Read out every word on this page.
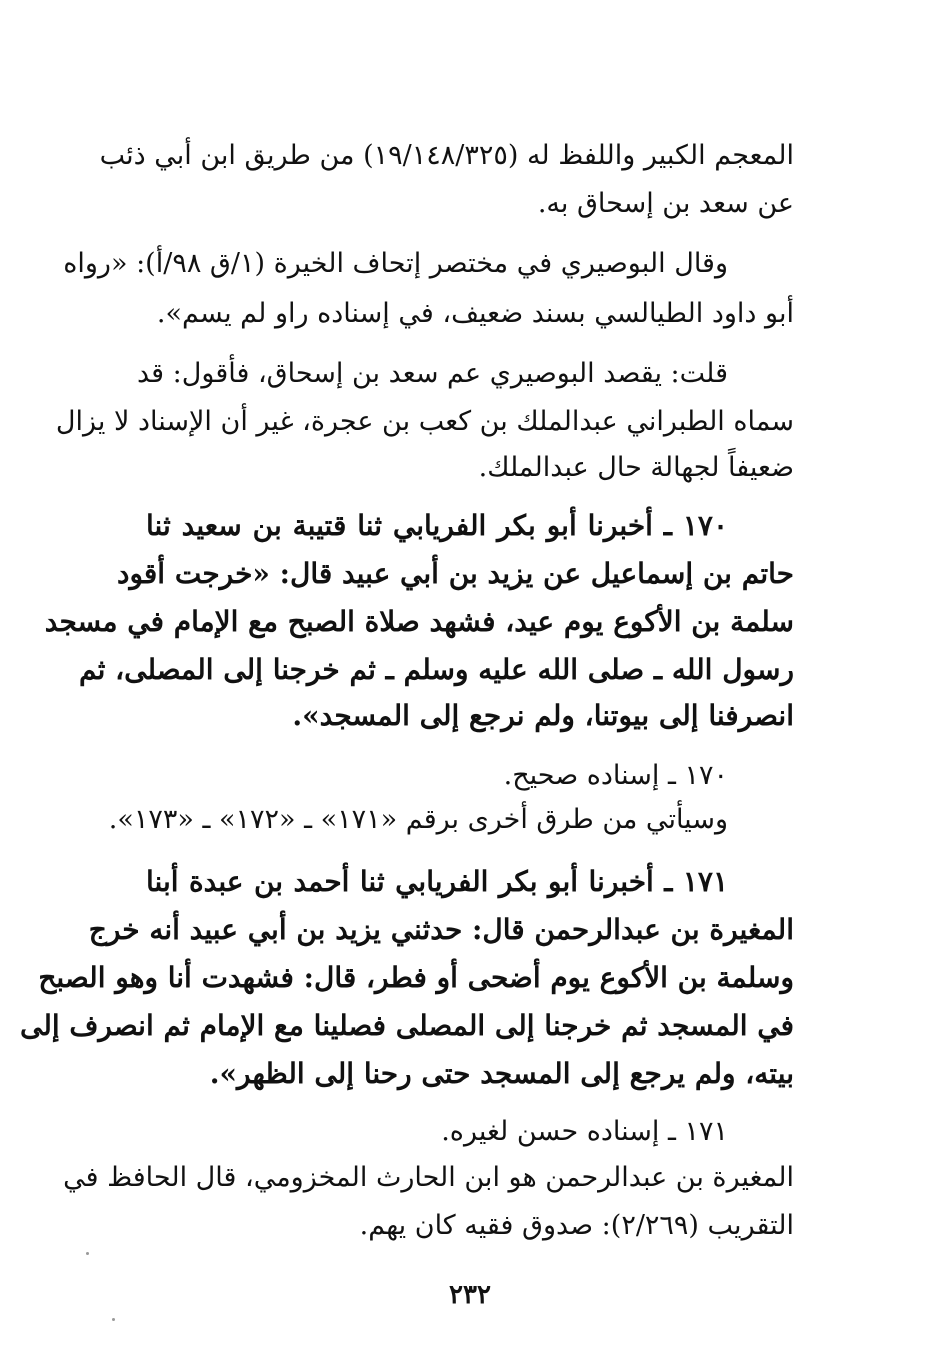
المعجم الكبير واللفظ له (١٩/١٤٨/٣٢٥) من طريق ابن أبي ذئب
عن سعد بن إسحاق به.
وقال البوصيري في مختصر إتحاف الخيرة (١/ق ٩٨/أ): «رواه
أبو داود الطيالسي بسند ضعيف، في إسناده راو لم يسم».
قلت: يقصد البوصيري عم سعد بن إسحاق، فأقول: قد
سماه الطبراني عبدالملك بن كعب بن عجرة، غير أن الإسناد لا يزال
ضعيفاً لجهالة حال عبدالملك.
١٧٠ ـ أخبرنا أبو بكر الفريابي ثنا قتيبة بن سعيد ثنا
حاتم بن إسماعيل عن يزيد بن أبي عبيد قال: «خرجت أقود
سلمة بن الأكوع يوم عيد، فشهد صلاة الصبح مع الإمام في مسجد
رسول الله ـ صلى الله عليه وسلم ـ ثم خرجنا إلى المصلى، ثم
انصرفنا إلى بيوتنا، ولم نرجع إلى المسجد».
١٧٠ ـ إسناده صحيح.
وسيأتي من طرق أخرى برقم «١٧١» ـ «١٧٢» ـ «١٧٣».
١٧١ ـ أخبرنا أبو بكر الفريابي ثنا أحمد بن عبدة أبنا
المغيرة بن عبدالرحمن قال: حدثني يزيد بن أبي عبيد أنه خرج
وسلمة بن الأكوع يوم أضحى أو فطر، قال: فشهدت أنا وهو الصبح
في المسجد ثم خرجنا إلى المصلى فصلينا مع الإمام ثم انصرف إلى
بيته، ولم يرجع إلى المسجد حتى رحنا إلى الظهر».
١٧١ ـ إسناده حسن لغيره.
المغيرة بن عبدالرحمن هو ابن الحارث المخزومي، قال الحافظ في
التقريب (٢/٢٦٩): صدوق فقيه كان يهم.
٢٣٢
